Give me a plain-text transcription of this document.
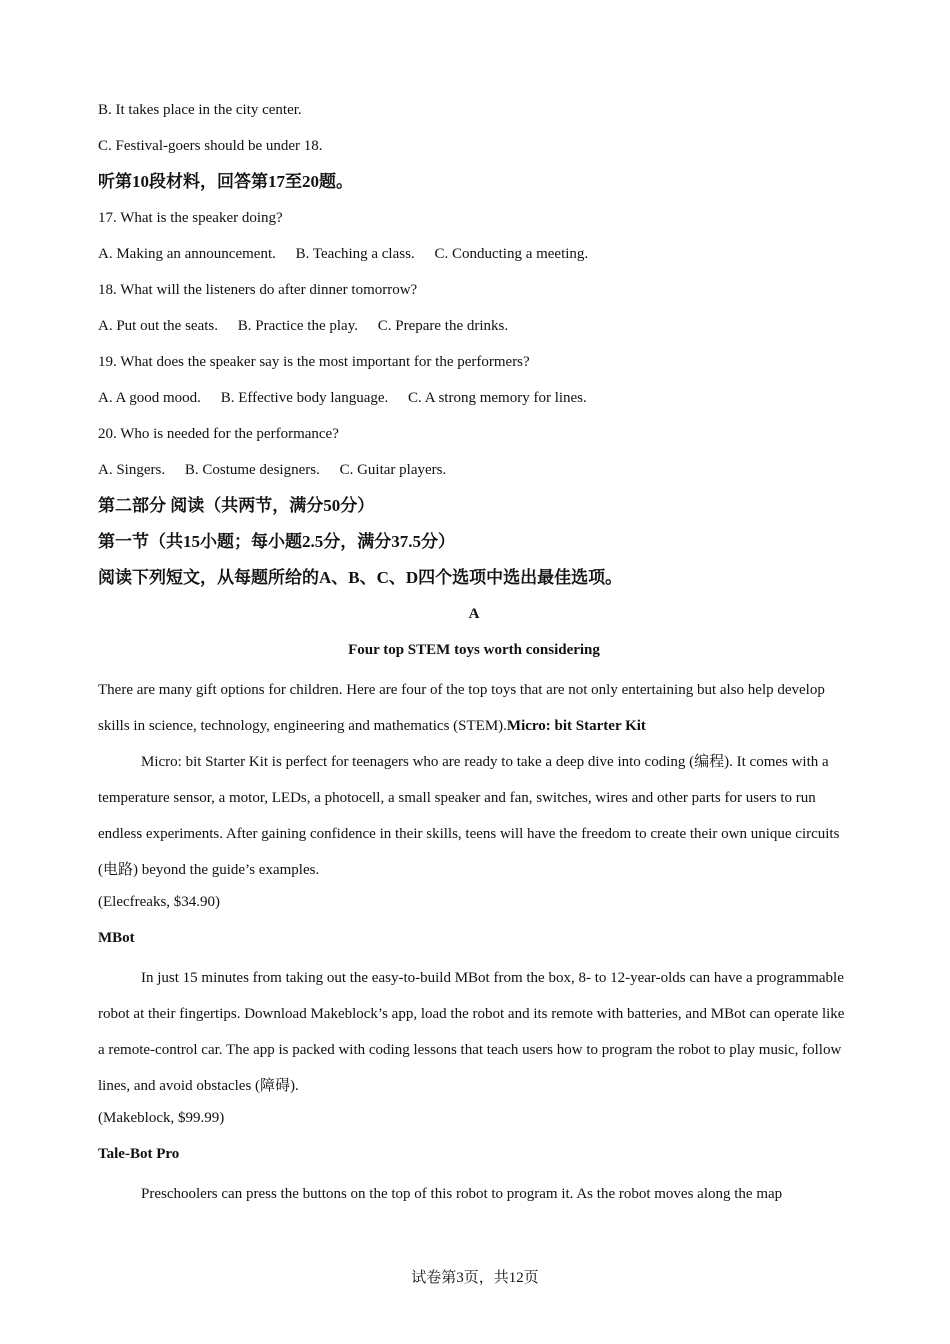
B. It takes place in the city center.
C. Festival-goers should be under 18.
听第10段材料，回答第17至20题。
17. What is the speaker doing?
A. Making an announcement. B. Teaching a class. C. Conducting a meeting.
18. What will the listeners do after dinner tomorrow?
A. Put out the seats. B. Practice the play. C. Prepare the drinks.
19. What does the speaker say is the most important for the performers?
A. A good mood. B. Effective body language. C. A strong memory for lines.
20. Who is needed for the performance?
A. Singers. B. Costume designers. C. Guitar players.
第二部分 阅读（共两节，满分50分）
第一节（共15小题；每小题2.5分，满分37.5分）
阅读下列短文，从每题所给的A、B、C、D四个选项中选出最佳选项。
A
Four top STEM toys worth considering
There are many gift options for children. Here are four of the top toys that are not only entertaining but also help develop skills in science, technology, engineering and mathematics (STEM).Micro: bit Starter Kit
Micro: bit Starter Kit is perfect for teenagers who are ready to take a deep dive into coding (编程). It comes with a temperature sensor, a motor, LEDs, a photocell, a small speaker and fan, switches, wires and other parts for users to run endless experiments. After gaining confidence in their skills, teens will have the freedom to create their own unique circuits (电路) beyond the guide’s examples.
(Elecfreaks, $34.90)
MBot
In just 15 minutes from taking out the easy-to-build MBot from the box, 8- to 12-year-olds can have a programmable robot at their fingertips. Download Makeblock’s app, load the robot and its remote with batteries, and MBot can operate like a remote-control car. The app is packed with coding lessons that teach users how to program the robot to play music, follow lines, and avoid obstacles (障碍).
(Makeblock, $99.99)
Tale-Bot Pro
Preschoolers can press the buttons on the top of this robot to program it. As the robot moves along the map
试卷第3页，共12页
